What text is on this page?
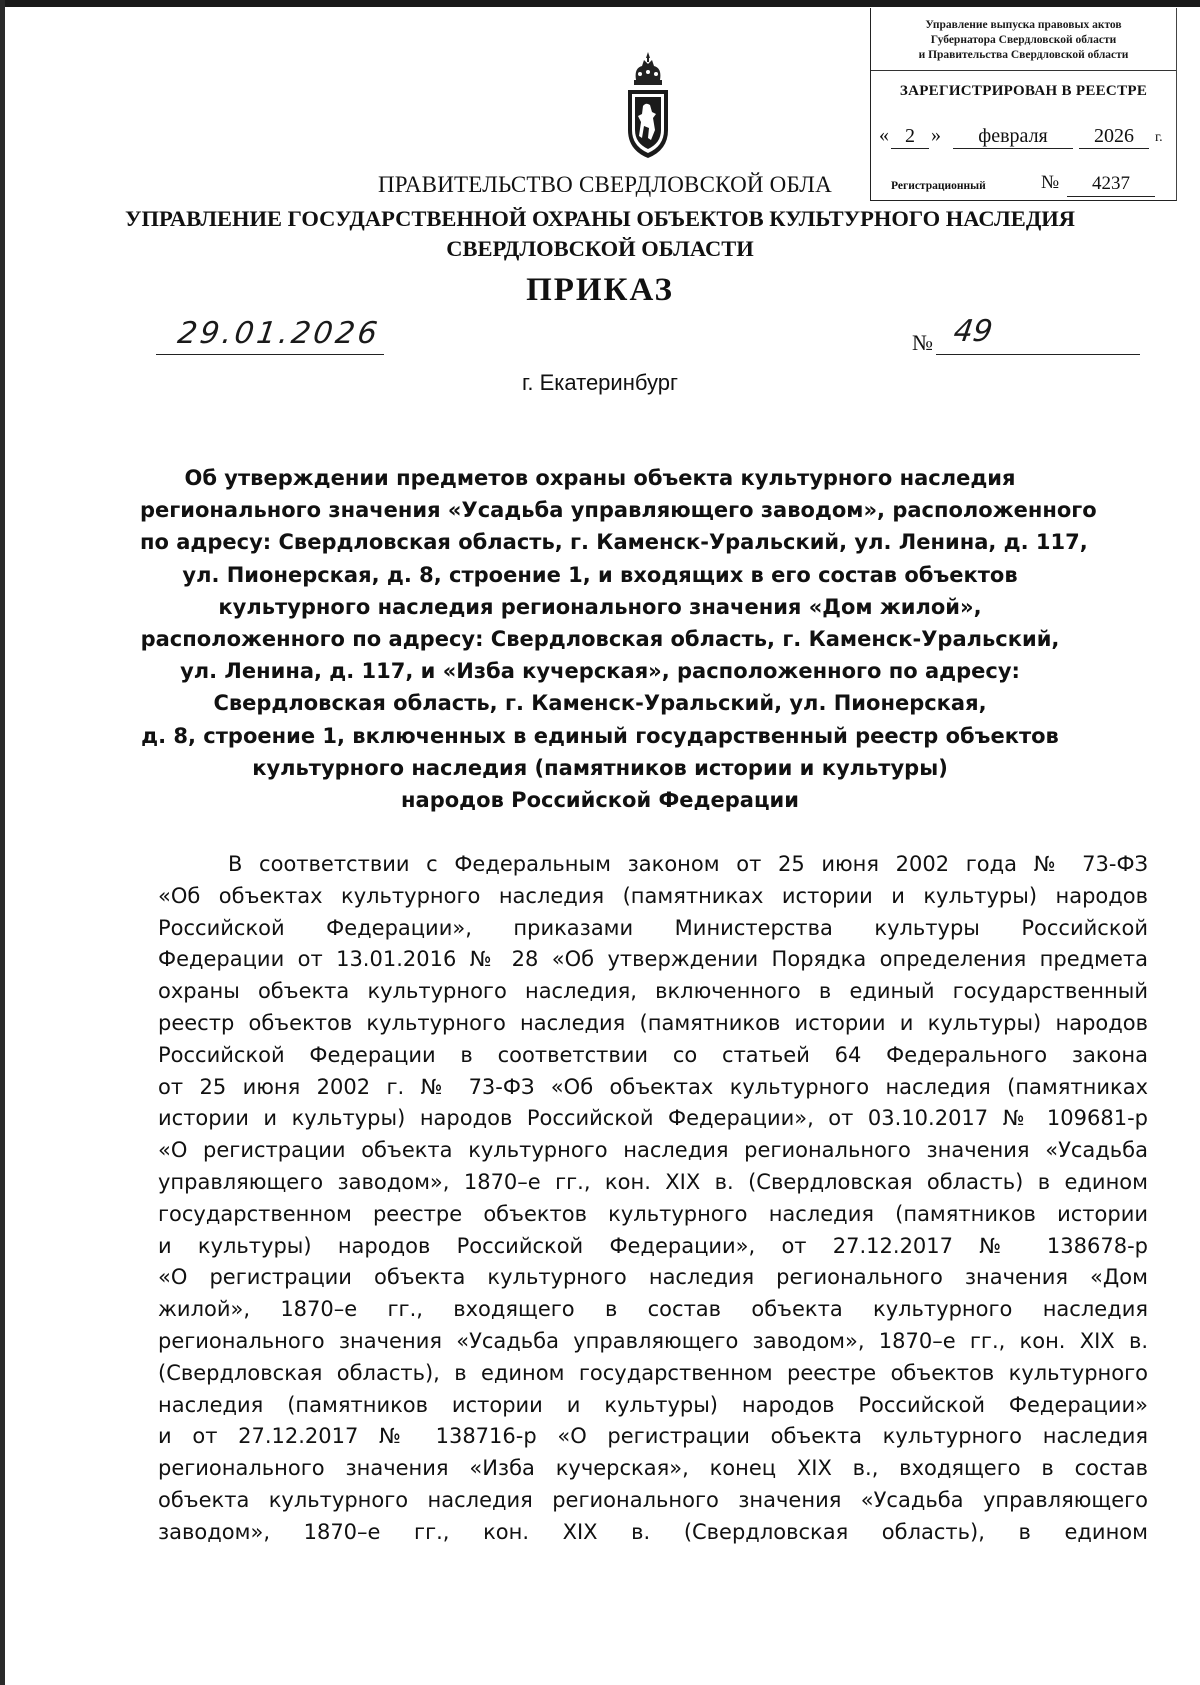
Управление выпуска правовых актов
Губернатора Свердловской области
и Правительства Свердловской области
ЗАРЕГИСТРИРОВАН В РЕЕСТРЕ
« 2 »	февраля	2026	г.
Регистрационный	№	4237
ПРАВИТЕЛЬСТВО СВЕРДЛОВСКОЙ ОБЛА
УПРАВЛЕНИЕ ГОСУДАРСТВЕННОЙ ОХРАНЫ ОБЪЕКТОВ КУЛЬТУРНОГО НАСЛЕДИЯ
СВЕРДЛОВСКОЙ ОБЛАСТИ
ПРИКАЗ
29.01.2026	№ 49
г. Екатеринбург
Об утверждении предметов охраны объекта культурного наследия
регионального значения «Усадьба управляющего заводом», расположенного
по адресу: Свердловская область, г. Каменск-Уральский, ул. Ленина, д. 117,
ул. Пионерская, д. 8, строение 1, и входящих в его состав объектов
культурного наследия регионального значения «Дом жилой»,
расположенного по адресу: Свердловская область, г. Каменск-Уральский,
ул. Ленина, д. 117, и «Изба кучерская», расположенного по адресу:
Свердловская область, г. Каменск-Уральский, ул. Пионерская,
д. 8, строение 1, включенных в единый государственный реестр объектов
культурного наследия (памятников истории и культуры)
народов Российской Федерации
В соответствии с Федеральным законом от 25 июня 2002 года № 73-ФЗ
«Об объектах культурного наследия (памятниках истории и культуры) народов
Российской Федерации», приказами Министерства культуры Российской
Федерации от 13.01.2016 № 28 «Об утверждении Порядка определения предмета
охраны объекта культурного наследия, включенного в единый государственный
реестр объектов культурного наследия (памятников истории и культуры) народов
Российской Федерации в соответствии со статьей 64 Федерального закона
от 25 июня 2002 г. № 73-ФЗ «Об объектах культурного наследия (памятниках
истории и культуры) народов Российской Федерации», от 03.10.2017 № 109681-р
«О регистрации объекта культурного наследия регионального значения «Усадьба
управляющего заводом», 1870–е гг., кон. XIX в. (Свердловская область) в едином
государственном реестре объектов культурного наследия (памятников истории
и культуры) народов Российской Федерации», от 27.12.2017 № 138678-р
«О регистрации объекта культурного наследия регионального значения «Дом
жилой», 1870–е гг., входящего в состав объекта культурного наследия
регионального значения «Усадьба управляющего заводом», 1870–е гг., кон. XIX в.
(Свердловская область), в едином государственном реестре объектов культурного
наследия (памятников истории и культуры) народов Российской Федерации»
и от 27.12.2017 № 138716-р «О регистрации объекта культурного наследия
регионального значения «Изба кучерская», конец XIX в., входящего в состав
объекта культурного наследия регионального значения «Усадьба управляющего
заводом», 1870–е гг., кон. XIX в. (Свердловская область), в едином
